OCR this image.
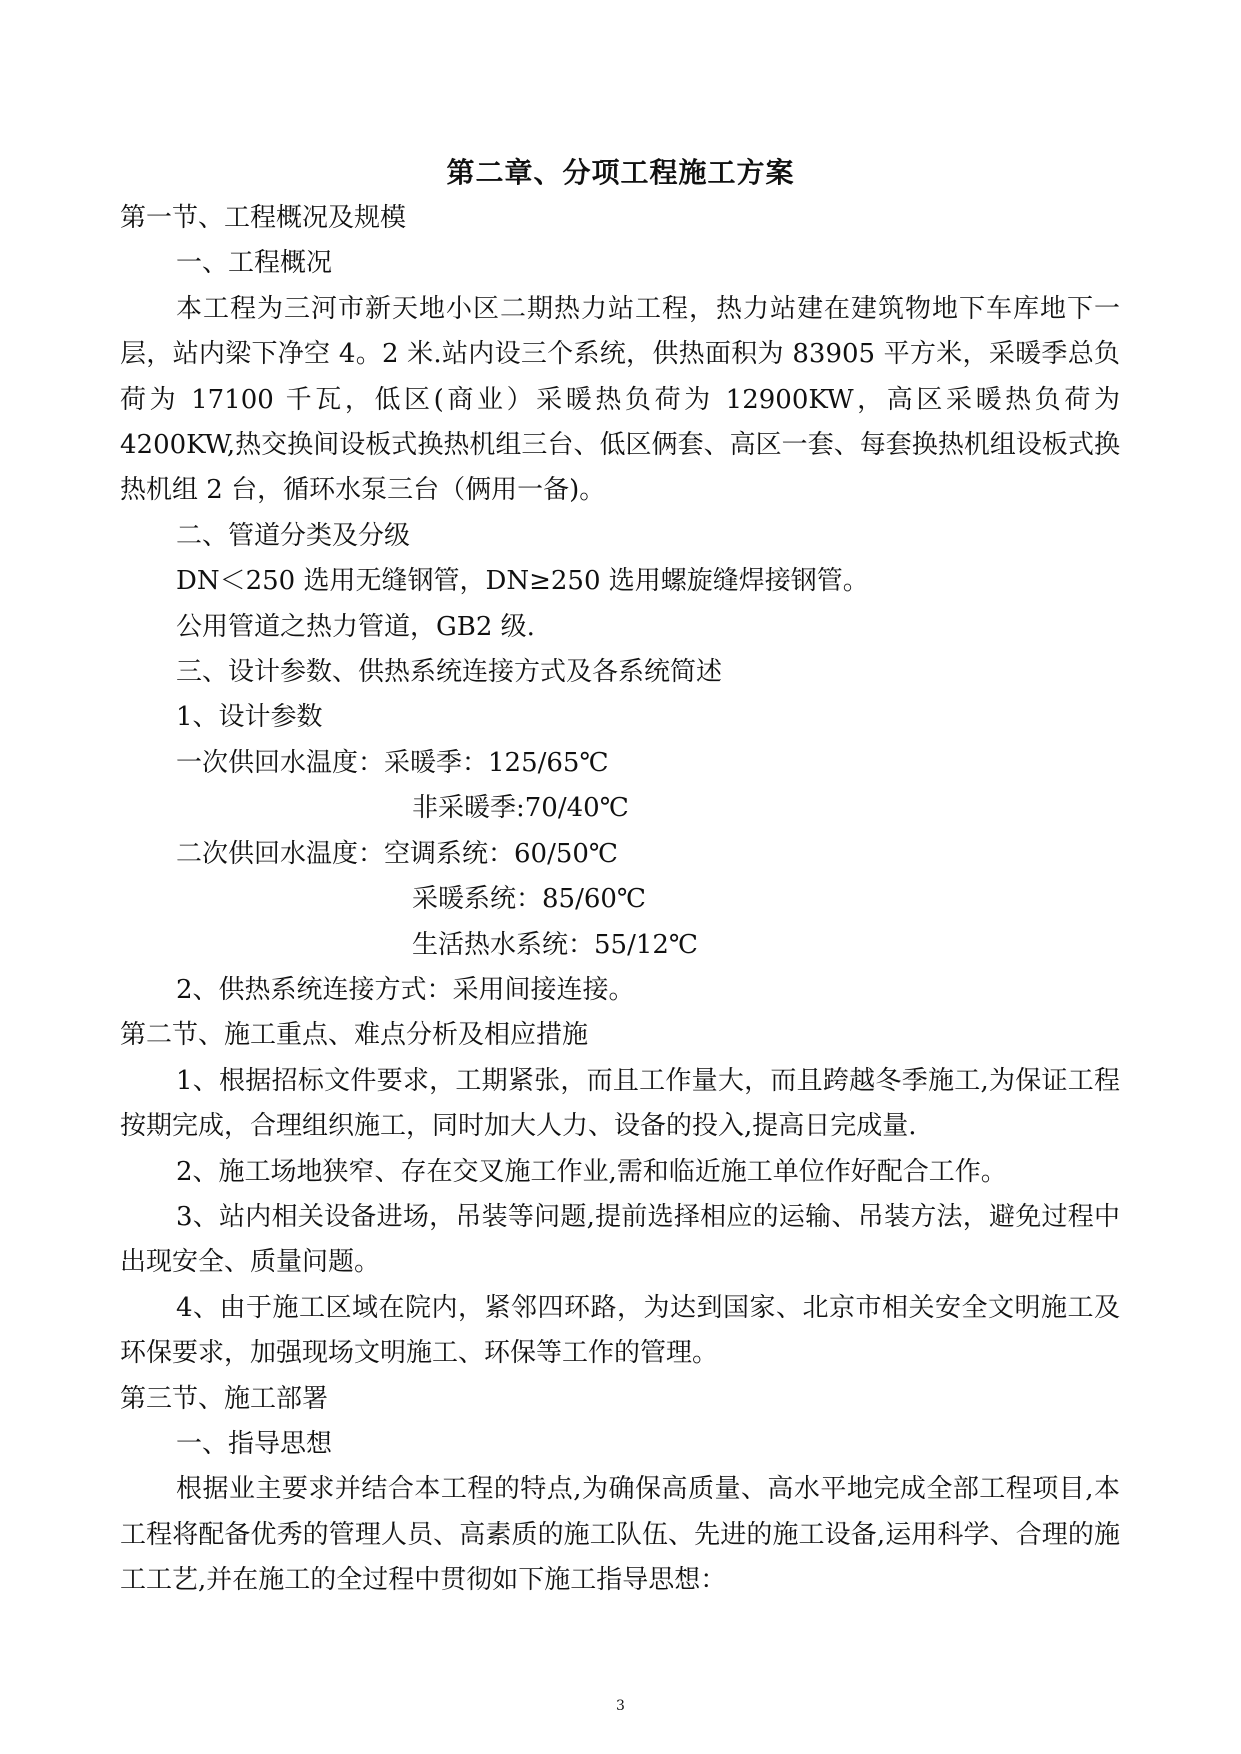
第二章、分项工程施工方案

第一节、工程概况及规模

一、工程概况

本工程为三河市新天地小区二期热力站工程，热力站建在建筑物地下车库地下一层，站内梁下净空 4。2 米.站内设三个系统，供热面积为 83905 平方米，采暖季总负荷为 17100 千瓦，低区(商业）采暖热负荷为 12900KW，高区采暖热负荷为 4200KW,热交换间设板式换热机组三台、低区俩套、高区一套、每套换热机组设板式换热机组 2 台，循环水泵三台（俩用一备)。

二、管道分类及分级

DN＜250 选用无缝钢管，DN≥250 选用螺旋缝焊接钢管。

公用管道之热力管道，GB2 级.

三、设计参数、供热系统连接方式及各系统简述

1、设计参数

一次供回水温度：采暖季：125/65℃

非采暖季:70/40℃

二次供回水温度：空调系统：60/50℃

采暖系统：85/60℃

生活热水系统：55/12℃

2、供热系统连接方式：采用间接连接。

第二节、施工重点、难点分析及相应措施

1、根据招标文件要求，工期紧张，而且工作量大，而且跨越冬季施工,为保证工程按期完成，合理组织施工，同时加大人力、设备的投入,提高日完成量.

2、施工场地狭窄、存在交叉施工作业,需和临近施工单位作好配合工作。

3、站内相关设备进场，吊装等问题,提前选择相应的运输、吊装方法，避免过程中出现安全、质量问题。

4、由于施工区域在院内，紧邻四环路，为达到国家、北京市相关安全文明施工及环保要求，加强现场文明施工、环保等工作的管理。

第三节、施工部署

一、指导思想

根据业主要求并结合本工程的特点,为确保高质量、高水平地完成全部工程项目,本工程将配备优秀的管理人员、高素质的施工队伍、先进的施工设备,运用科学、合理的施工工艺,并在施工的全过程中贯彻如下施工指导思想：

3
